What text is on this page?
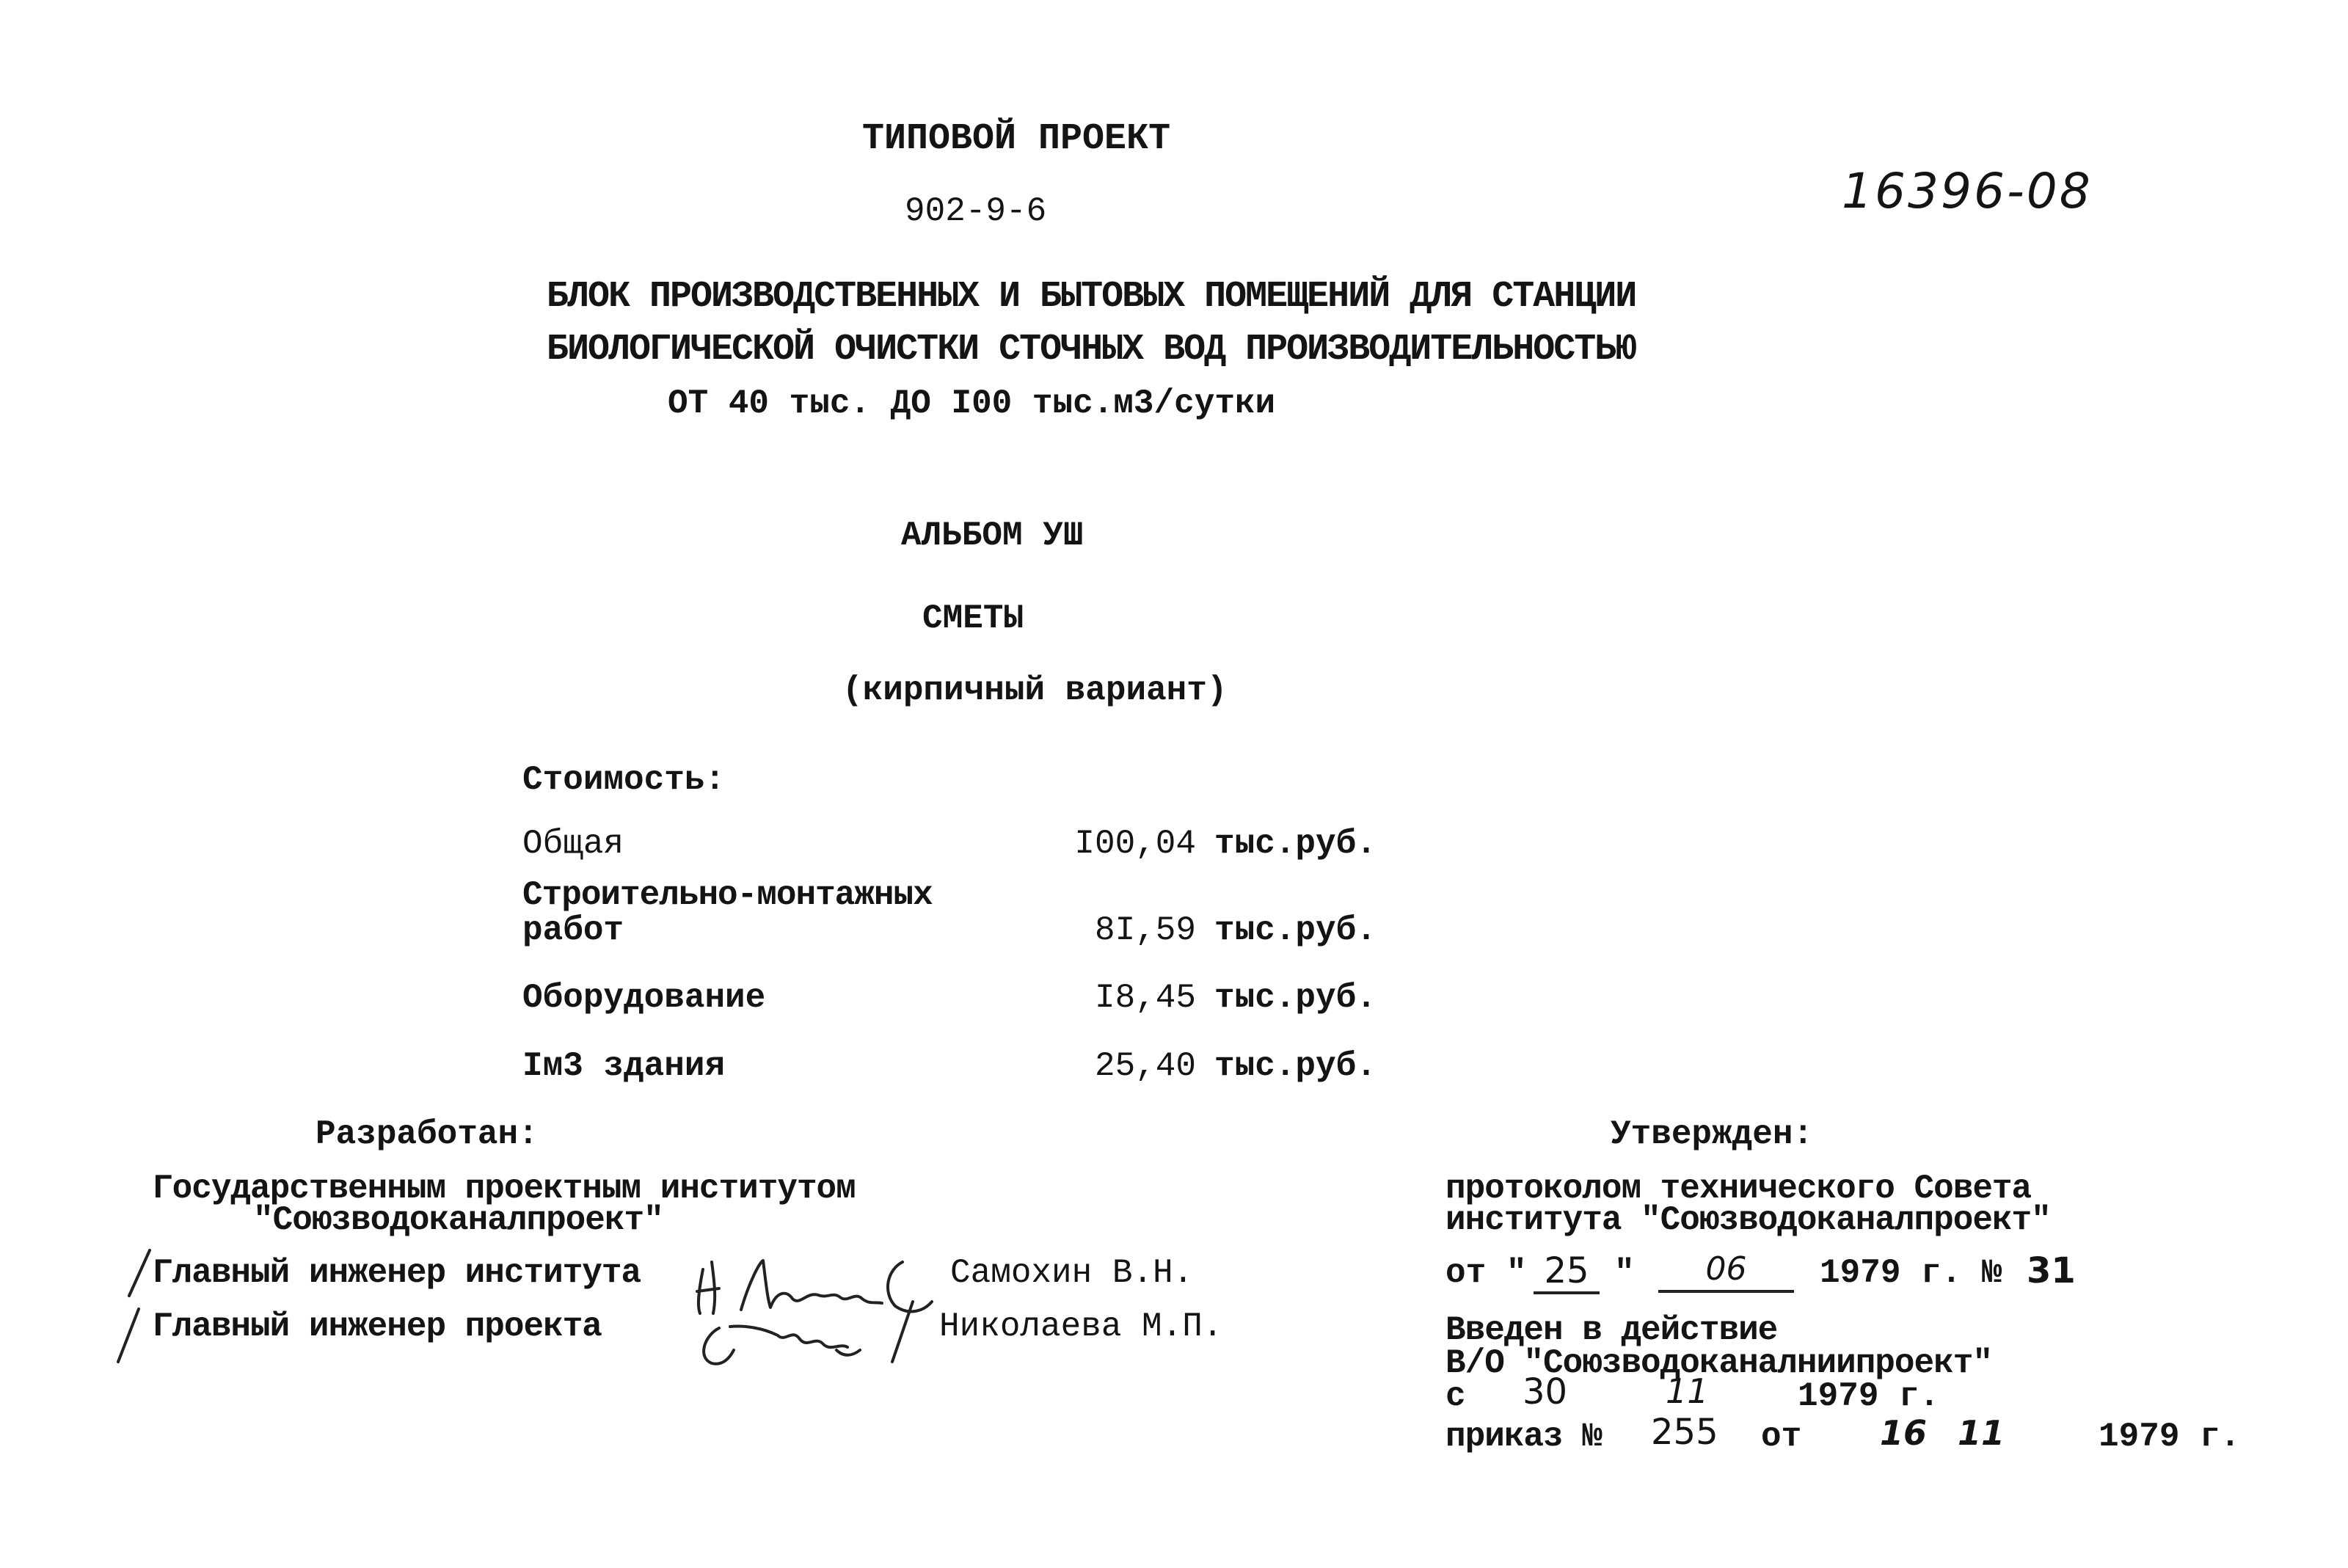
ТИПОВОЙ ПРОЕКТ
902-9-6	16396-08
БЛОК ПРОИЗВОДСТВЕННЫХ И БЫТОВЫХ ПОМЕЩЕНИЙ ДЛЯ СТАНЦИИ
БИОЛОГИЧЕСКОЙ ОЧИСТКИ СТОЧНЫХ ВОД ПРОИЗВОДИТЕЛЬНОСТЬЮ
ОТ 40 тыс. ДО I00 тыс.м3/сутки
АЛЬБОМ УШ
СМЕТЫ
(кирпичный вариант)
Стоимость:
Общая	I00,04 тыс.руб.
Строительно-монтажных
работ	8I,59 тыс.руб.
Оборудование	I8,45 тыс.руб.
Iм3 здания	25,40 тыс.руб.
Разработан:
Государственным проектным институтом
"Союзводоканалпроект"
Главный инженер института	Самохин В.Н.
Главный инженер проекта	Николаева М.П.
Утвержден:
протоколом технического Совета
института "Союзводоканалпроект"
от " 25 "	06	1979 г. № 31
Введен в действие
В/О "Союзводоканалниипроект"
с 30	11	1979 г.
приказ № 255 от 16 11	1979 г.
